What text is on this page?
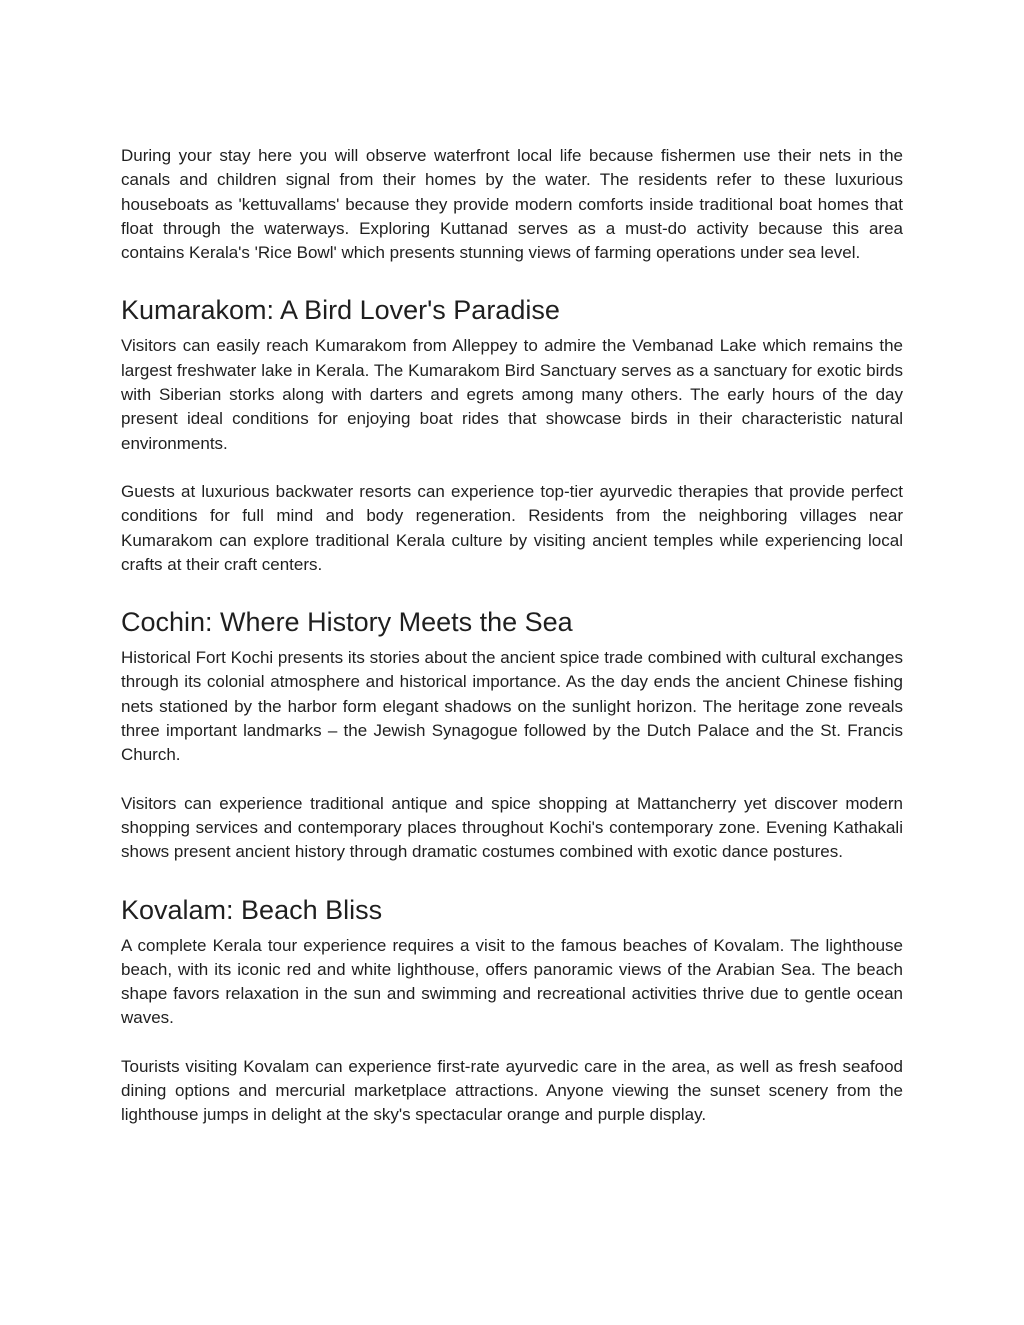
During your stay here you will observe waterfront local life because fishermen use their nets in the canals and children signal from their homes by the water. The residents refer to these luxurious houseboats as 'kettuvallams' because they provide modern comforts inside traditional boat homes that float through the waterways. Exploring Kuttanad serves as a must-do activity because this area contains Kerala's 'Rice Bowl' which presents stunning views of farming operations under sea level.

Kumarakom: A Bird Lover's Paradise

Visitors can easily reach Kumarakom from Alleppey to admire the Vembanad Lake which remains the largest freshwater lake in Kerala. The Kumarakom Bird Sanctuary serves as a sanctuary for exotic birds with Siberian storks along with darters and egrets among many others. The early hours of the day present ideal conditions for enjoying boat rides that showcase birds in their characteristic natural environments.

Guests at luxurious backwater resorts can experience top-tier ayurvedic therapies that provide perfect conditions for full mind and body regeneration. Residents from the neighboring villages near Kumarakom can explore traditional Kerala culture by visiting ancient temples while experiencing local crafts at their craft centers.

Cochin: Where History Meets the Sea

Historical Fort Kochi presents its stories about the ancient spice trade combined with cultural exchanges through its colonial atmosphere and historical importance. As the day ends the ancient Chinese fishing nets stationed by the harbor form elegant shadows on the sunlight horizon. The heritage zone reveals three important landmarks – the Jewish Synagogue followed by the Dutch Palace and the St. Francis Church.

Visitors can experience traditional antique and spice shopping at Mattancherry yet discover modern shopping services and contemporary places throughout Kochi's contemporary zone. Evening Kathakali shows present ancient history through dramatic costumes combined with exotic dance postures.

Kovalam: Beach Bliss

A complete Kerala tour experience requires a visit to the famous beaches of Kovalam. The lighthouse beach, with its iconic red and white lighthouse, offers panoramic views of the Arabian Sea. The beach shape favors relaxation in the sun and swimming and recreational activities thrive due to gentle ocean waves.

Tourists visiting Kovalam can experience first-rate ayurvedic care in the area, as well as fresh seafood dining options and mercurial marketplace attractions. Anyone viewing the sunset scenery from the lighthouse jumps in delight at the sky's spectacular orange and purple display.
